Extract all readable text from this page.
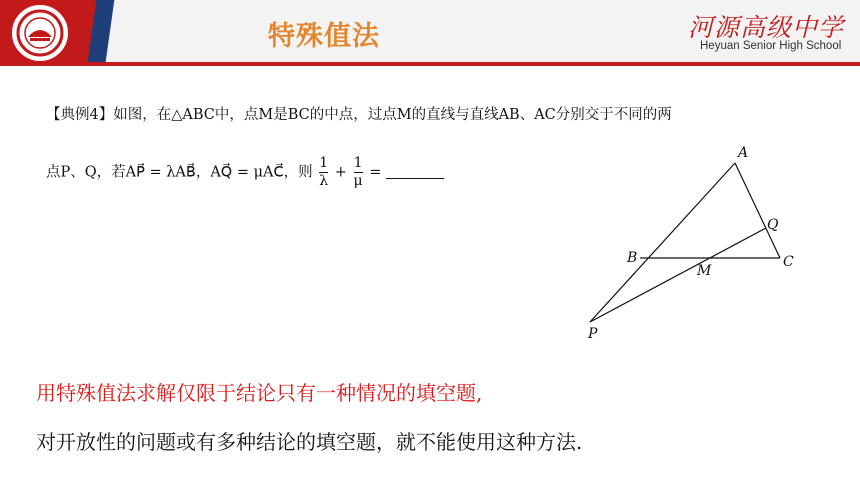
特殊值法	河源高级中学
Heyuan Senior High School
【典例4】如图，在△ABC中，点M是BC的中点，过点M的直线与直线AB、AC分别交于不同的两
点P、Q，若AP⃗ = λAB⃗，AQ⃗ = μAC⃗，则 $\frac{1}{\lambda} + \frac{1}{\mu}$ =
A
B	C
M
P
Q
用特殊值法求解仅限于结论只有一种情况的填空题,
对开放性的问题或有多种结论的填空题，就不能使用这种方法.
